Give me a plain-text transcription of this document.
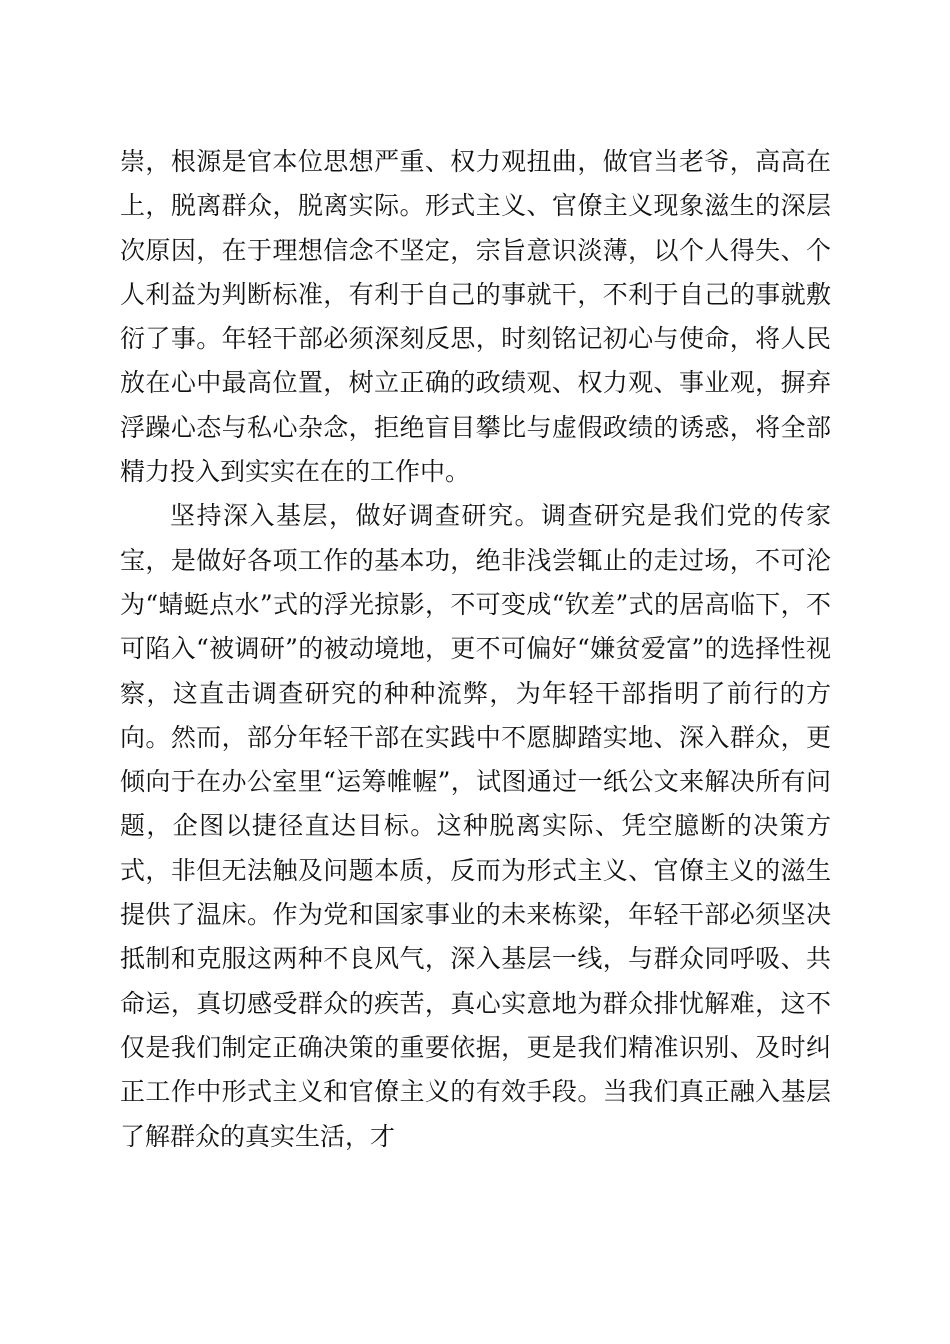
崇，根源是官本位思想严重、权力观扭曲，做官当老爷，高高在上，脱离群众，脱离实际。形式主义、官僚主义现象滋生的深层次原因，在于理想信念不坚定，宗旨意识淡薄，以个人得失、个人利益为判断标准，有利于自己的事就干，不利于自己的事就敷衍了事。年轻干部必须深刻反思，时刻铭记初心与使命，将人民放在心中最高位置，树立正确的政绩观、权力观、事业观，摒弃浮躁心态与私心杂念，拒绝盲目攀比与虚假政绩的诱惑，将全部精力投入到实实在在的工作中。

坚持深入基层，做好调查研究。调查研究是我们党的传家宝，是做好各项工作的基本功，绝非浅尝辄止的走过场，不可沦为“蜻蜓点水”式的浮光掠影，不可变成“钦差”式的居高临下，不可陷入“被调研”的被动境地，更不可偏好“嫌贫爱富”的选择性视察，这直击调查研究的种种流弊，为年轻干部指明了前行的方向。然而，部分年轻干部在实践中不愿脚踏实地、深入群众，更倾向于在办公室里“运筹帷幄”，试图通过一纸公文来解决所有问题，企图以捷径直达目标。这种脱离实际、凭空臆断的决策方式，非但无法触及问题本质，反而为形式主义、官僚主义的滋生提供了温床。作为党和国家事业的未来栋梁，年轻干部必须坚决抵制和克服这两种不良风气，深入基层一线，与群众同呼吸、共命运，真切感受群众的疾苦，真心实意地为群众排忧解难，这不仅是我们制定正确决策的重要依据，更是我们精准识别、及时纠正工作中形式主义和官僚主义的有效手段。当我们真正融入基层了解群众的真实生活，才
